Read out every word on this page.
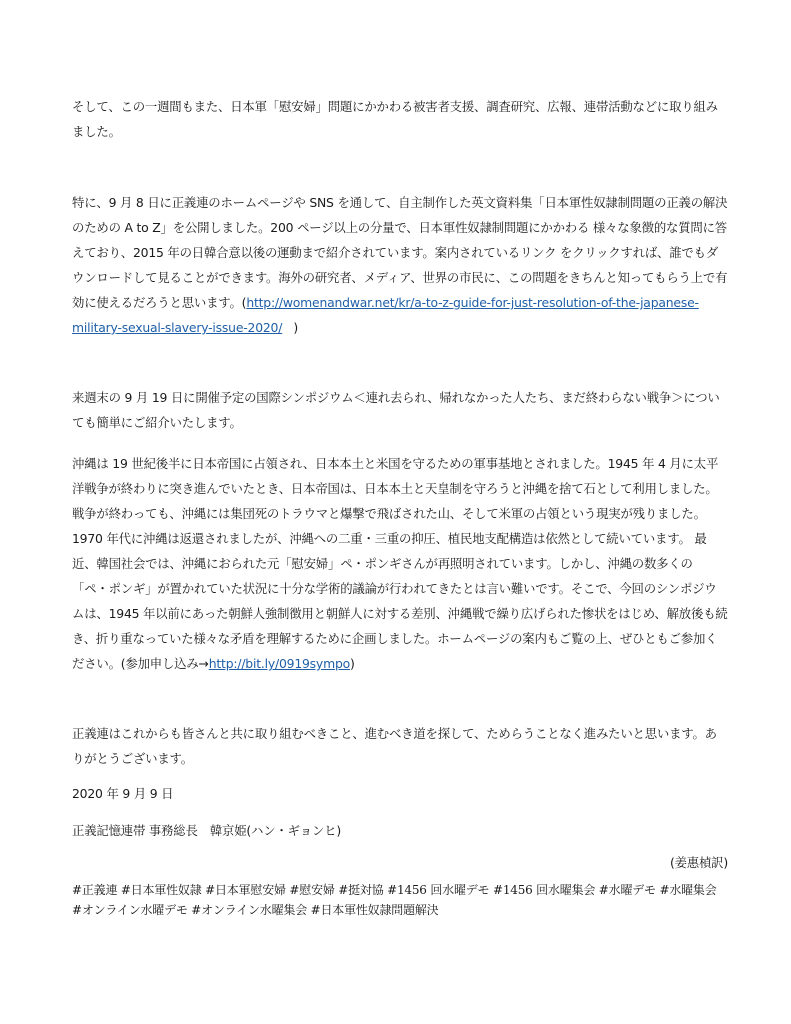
そして、この一週間もまた、日本軍「慰安婦」問題にかかわる被害者支援、調査研究、広報、連帯活動などに取り組みました。
特に、9 月 8 日に正義連のホームページや SNS を通して、自主制作した英文資料集「日本軍性奴隷制問題の正義の解決のための A to Z」を公開しました。200 ページ以上の分量で、日本軍性奴隷制問題にかかわる 様々な象徴的な質問に答えており、2015 年の日韓合意以後の運動まで紹介されています。案内されているリンク をクリックすれば、誰でもダウンロードして見ることができます。海外の研究者、メディア、世界の市民に、この問題をきちんと知ってもらう上で有効に使えるだろうと思います。(http://womenandwar.net/kr/a-to-z-guide-for-just-resolution-of-the-japanese-military-sexual-slavery-issue-2020/   )
来週末の 9 月 19 日に開催予定の国際シンポジウム＜連れ去られ、帰れなかった人たち、まだ終わらない戦争＞についても簡単にご紹介いたします。
沖縄は 19 世紀後半に日本帝国に占領され、日本本土と米国を守るための軍事基地とされました。1945 年 4 月に太平洋戦争が終わりに突き進んでいたとき、日本帝国は、日本本土と天皇制を守ろうと沖縄を捨て石として利用しました。戦争が終わっても、沖縄には集団死のトラウマと爆撃で飛ばされた山、そして米軍の占領という現実が残りました。1970 年代に沖縄は返還されましたが、沖縄への二重・三重の抑圧、植民地支配構造は依然として続いています。 最近、韓国社会では、沖縄におられた元「慰安婦」ペ・ポンギさんが再照明されています。しかし、沖縄の数多くの「ペ・ポンギ」が置かれていた状況に十分な学術的議論が行われてきたとは言い難いです。そこで、今回のシンポジウムは、1945 年以前にあった朝鮮人強制徴用と朝鮮人に対する差別、沖縄戦で繰り広げられた惨状をはじめ、解放後も続き、折り重なっていた様々な矛盾を理解するために企画しました。ホームページの案内もご覧の上、ぜひともご参加ください。(参加申し込み→http://bit.ly/0919sympo)
正義連はこれからも皆さんと共に取り組むべきこと、進むべき道を探して、ためらうことなく進みたいと思います。ありがとうございます。
2020 年 9 月 9 日
正義記憶連帯 事務総長　韓京姫(ハン・ギョンヒ)
(姜惠楨訳)
#正義連 #日本軍性奴隷 #日本軍慰安婦 #慰安婦 #挺対協 #1456 回水曜デモ #1456 回水曜集会 #水曜デモ #水曜集会 #オンライン水曜デモ #オンライン水曜集会 #日本軍性奴隷問題解決
